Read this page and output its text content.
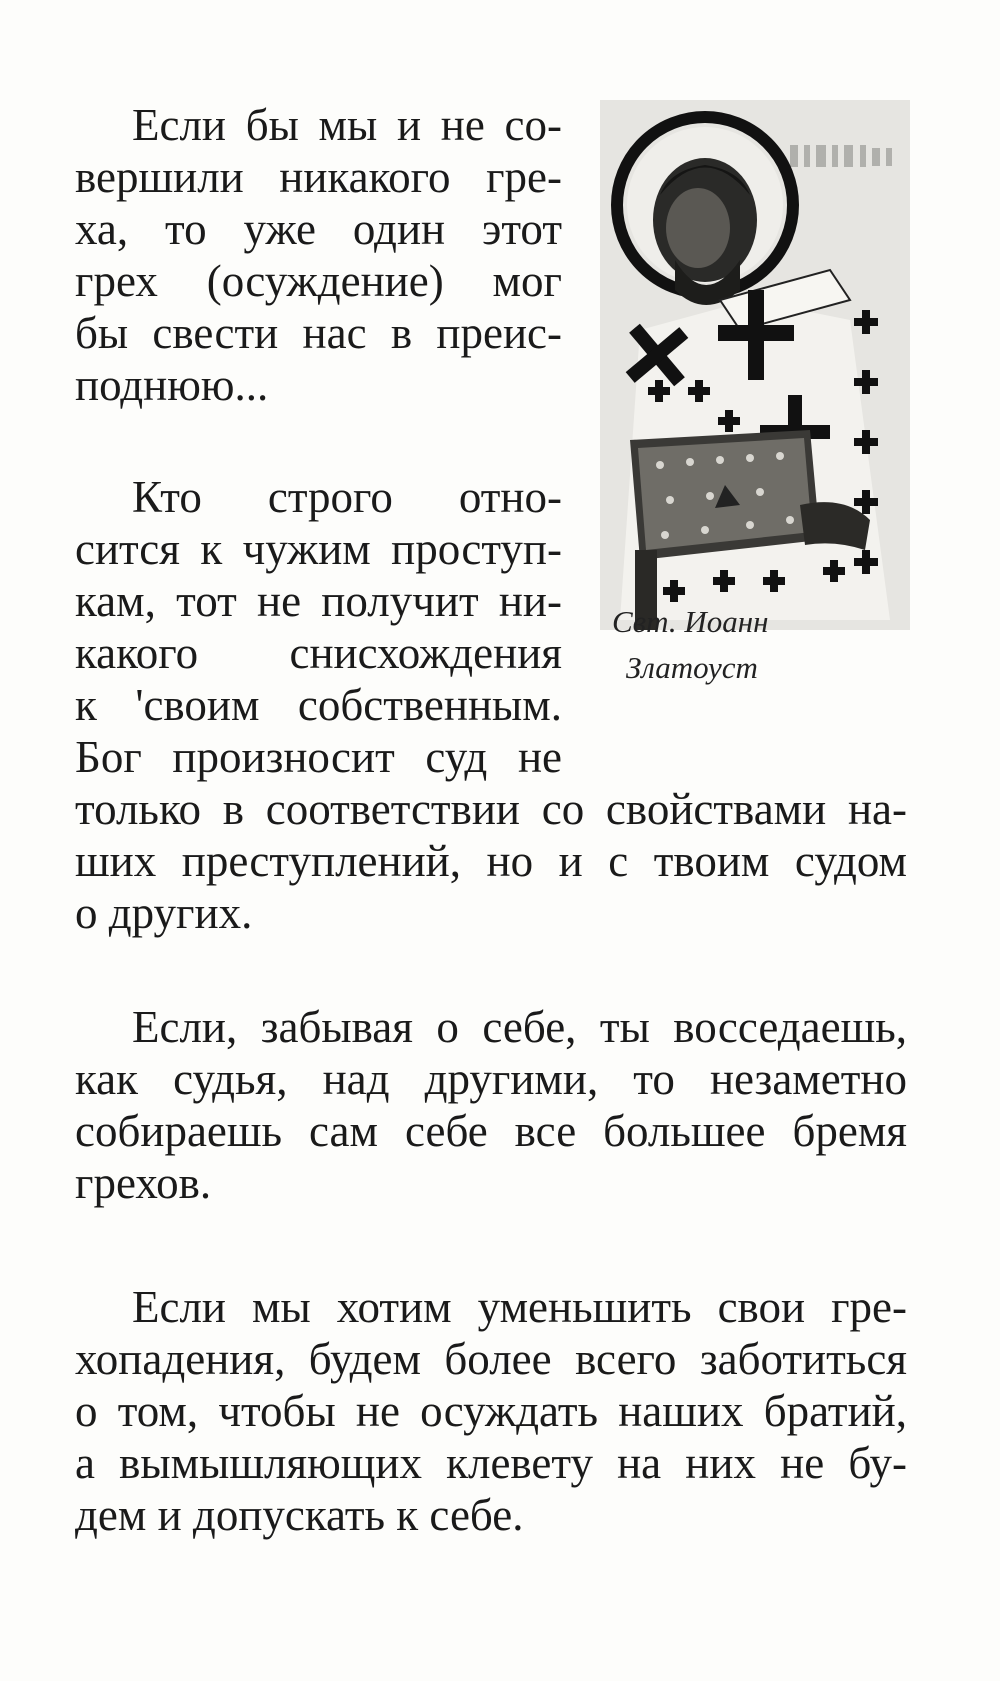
Если бы мы и не со-
вершили никакого гре-
ха, то уже один этот
грех (осуждение) мог
бы свести нас в преис-
поднюю...
Кто строго отно-
сится к чужим проступ-
кам, тот не получит ни-
какого снисхождения
к 'своим собственным.
Бог произносит суд не
только в соответствии со свойствами на-
ших преступлений, но и с твоим судом
о других.
Если, забывая о себе, ты восседаешь,
как судья, над другими, то незаметно
собираешь сам себе все большее бремя
грехов.
Если мы хотим уменьшить свои гре-
хопадения, будем более всего заботиться
о том, чтобы не осуждать наших братий,
а вымышляющих клевету на них не бу-
дем и допускать к себе.
Свт. Иоанн
Златоуст
